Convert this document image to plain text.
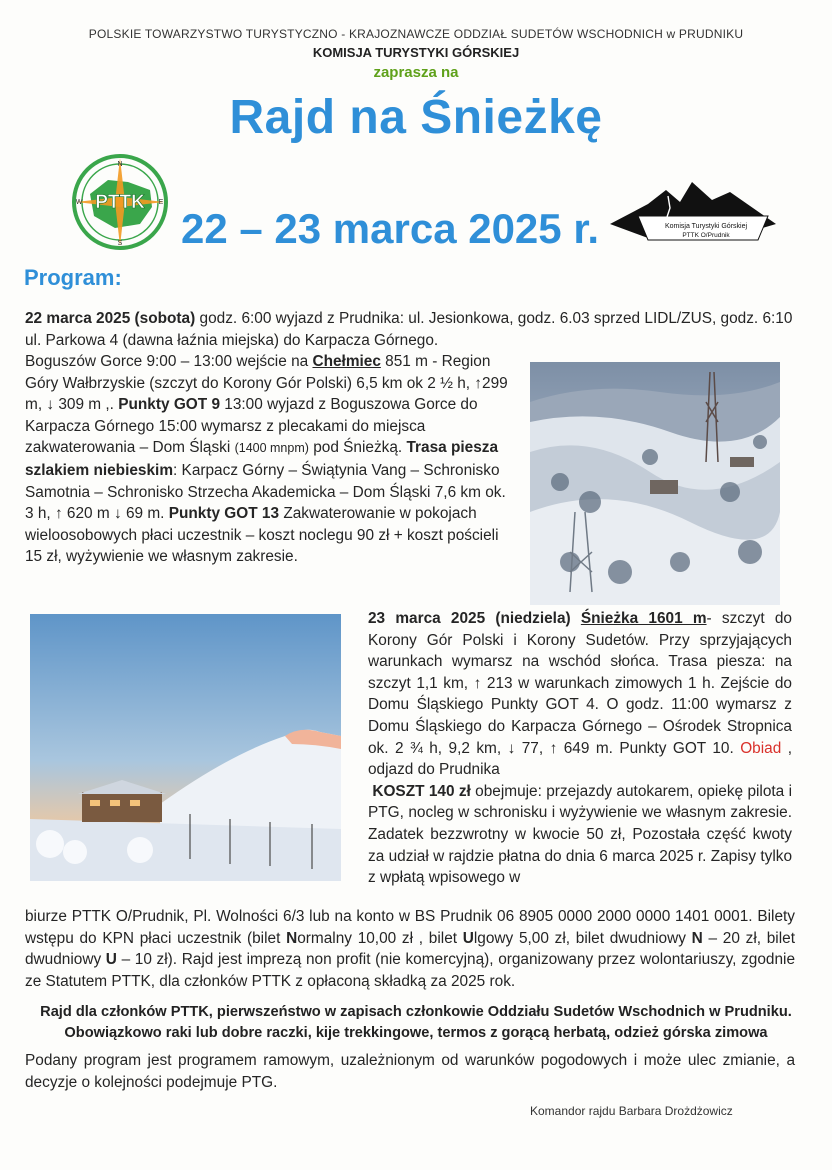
POLSKIE TOWARZYSTWO TURYSTYCZNO - KRAJOZNAWCZE ODDZIAŁ SUDETÓW WSCHODNICH w PRUDNIKU
KOMISJA TURYSTYKI GÓRSKIEJ
zaprasza na
Rajd na Śnieżkę
PTTK
N
E
S
W
22 – 23 marca 2025 r.	Komisja Turystyki Górskiej
PTTK O/Prudnik
Program:
22 marca 2025 (sobota) godz. 6:00 wyjazd z Prudnika: ul. Jesionkowa, godz. 6.03 sprzed LIDL/ZUS, godz. 6:10 ul. Parkowa 4 (dawna łaźnia miejska) do Karpacza Górnego.
Boguszów Gorce 9:00 – 13:00 wejście na Chełmiec 851 m - Region Góry Wałbrzyskie (szczyt do Korony Gór Polski) 6,5 km ok 2 ½ h, ↑299 m, ↓ 309 m ,. Punkty GOT 9 13:00 wyjazd z Boguszowa Gorce do Karpacza Górnego 15:00 wymarsz z plecakami do miejsca zakwaterowania – Dom Śląski (1400 mnpm) pod Śnieżką. Trasa piesza szlakiem niebieskim: Karpacz Górny – Świątynia Vang – Schronisko Samotnia – Schronisko Strzecha Akademicka – Dom Śląski 7,6 km ok. 3 h, ↑ 620 m ↓ 69 m. Punkty GOT 13 Zakwaterowanie w pokojach wieloosobowych płaci uczestnik – koszt noclegu 90 zł + koszt pościeli 15 zł, wyżywienie we własnym zakresie.
23 marca 2025 (niedziela) Śnieżka 1601 m- szczyt do Korony Gór Polski i Korony Sudetów. Przy sprzyjających warunkach wymarsz na wschód słońca. Trasa piesza: na szczyt 1,1 km, ↑ 213 w warunkach zimowych 1 h. Zejście do Domu Śląskiego Punkty GOT 4. O godz. 11:00 wymarsz z Domu Śląskiego do Karpacza Górnego – Ośrodek Stropnica ok. 2 ¾ h, 9,2 km, ↓ 77, ↑ 649 m. Punkty GOT 10. Obiad , odjazd do Prudnika
KOSZT 140 zł obejmuje: przejazdy autokarem, opiekę pilota i PTG, nocleg w schronisku i wyżywienie we własnym zakresie. Zadatek bezzwrotny w kwocie 50 zł, Pozostała część kwoty za udział w rajdzie płatna do dnia 6 marca 2025 r. Zapisy tylko z wpłatą wpisowego w
biurze PTTK O/Prudnik, Pl. Wolności 6/3 lub na konto w BS Prudnik 06 8905 0000 2000 0000 1401 0001. Bilety wstępu do KPN płaci uczestnik (bilet Normalny 10,00 zł , bilet Ulgowy 5,00 zł, bilet dwudniowy N – 20 zł, bilet dwudniowy U – 10 zł). Rajd jest imprezą non profit (nie komercyjną), organizowany przez wolontariuszy, zgodnie ze Statutem PTTK, dla członków PTTK z opłaconą składką za 2025 rok.
Rajd dla członków PTTK, pierwszeństwo w zapisach członkowie Oddziału Sudetów Wschodnich w Prudniku.
Obowiązkowo raki lub dobre raczki, kije trekkingowe, termos z gorącą herbatą, odzież górska zimowa
Podany program jest programem ramowym, uzależnionym od warunków pogodowych i może ulec zmianie, a decyzje o kolejności podejmuje PTG.
Komandor rajdu Barbara Drożdżowicz
